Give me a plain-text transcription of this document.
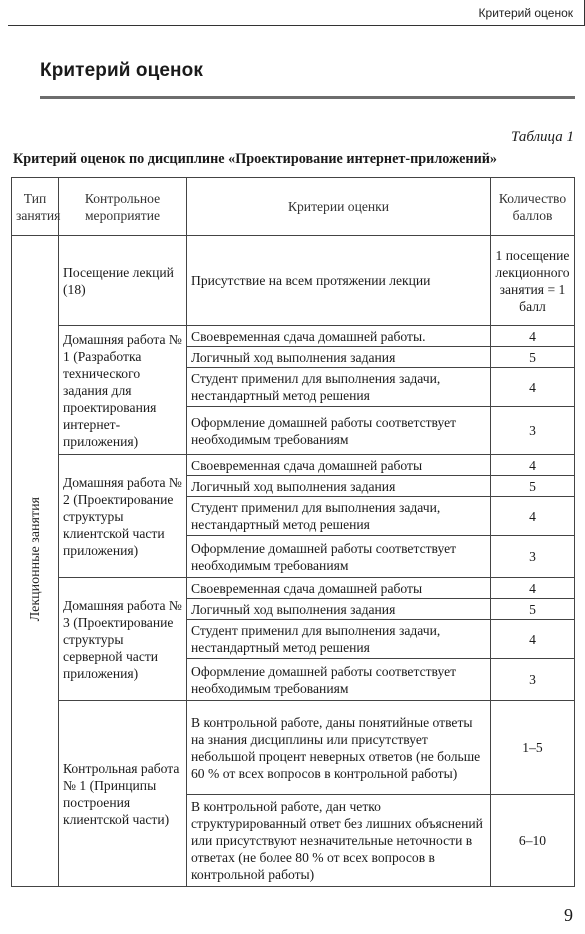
Критерий оценок
Критерий оценок
Таблица 1
Критерий оценок по дисциплине «Проектирование интернет-приложений»
Тип занятия	Контрольное мероприятие	Критерии оценки	Количество баллов
Лекционные занятия	Посещение лекций (18)	Присутствие на всем протяжении лекции	1 посещение лекционного занятия = 1 балл
	Домашняя работа № 1 (Разработка технического задания для проектирования интернет-приложения)	Своевременная сдача домашней работы.	4
		Логичный ход выполнения задания	5
		Студент применил для выполнения задачи, нестандартный метод решения	4
		Оформление домашней работы соответствует необходимым требованиям	3
	Домашняя работа № 2 (Проектирование структуры клиентской части приложения)	Своевременная сдача домашней работы	4
		Логичный ход выполнения задания	5
		Студент применил для выполнения задачи, нестандартный метод решения	4
		Оформление домашней работы соответствует необходимым требованиям	3
	Домашняя работа № 3 (Проектирование структуры серверной части приложения)	Своевременная сдача домашней работы	4
		Логичный ход выполнения задания	5
		Студент применил для выполнения задачи, нестандартный метод решения	4
		Оформление домашней работы соответствует необходимым требованиям	3
	Контрольная работа № 1 (Принципы построения клиентской части)	В контрольной работе, даны понятийные ответы на знания дисциплины или присутствует небольшой процент неверных ответов (не больше 60 % от всех вопросов в контрольной работы)	1–5
		В контрольной работе, дан четко структурированный ответ без лишних объяснений или присутствуют незначительные неточности в ответах (не более 80 % от всех вопросов в контрольной работы)	6–10
9
